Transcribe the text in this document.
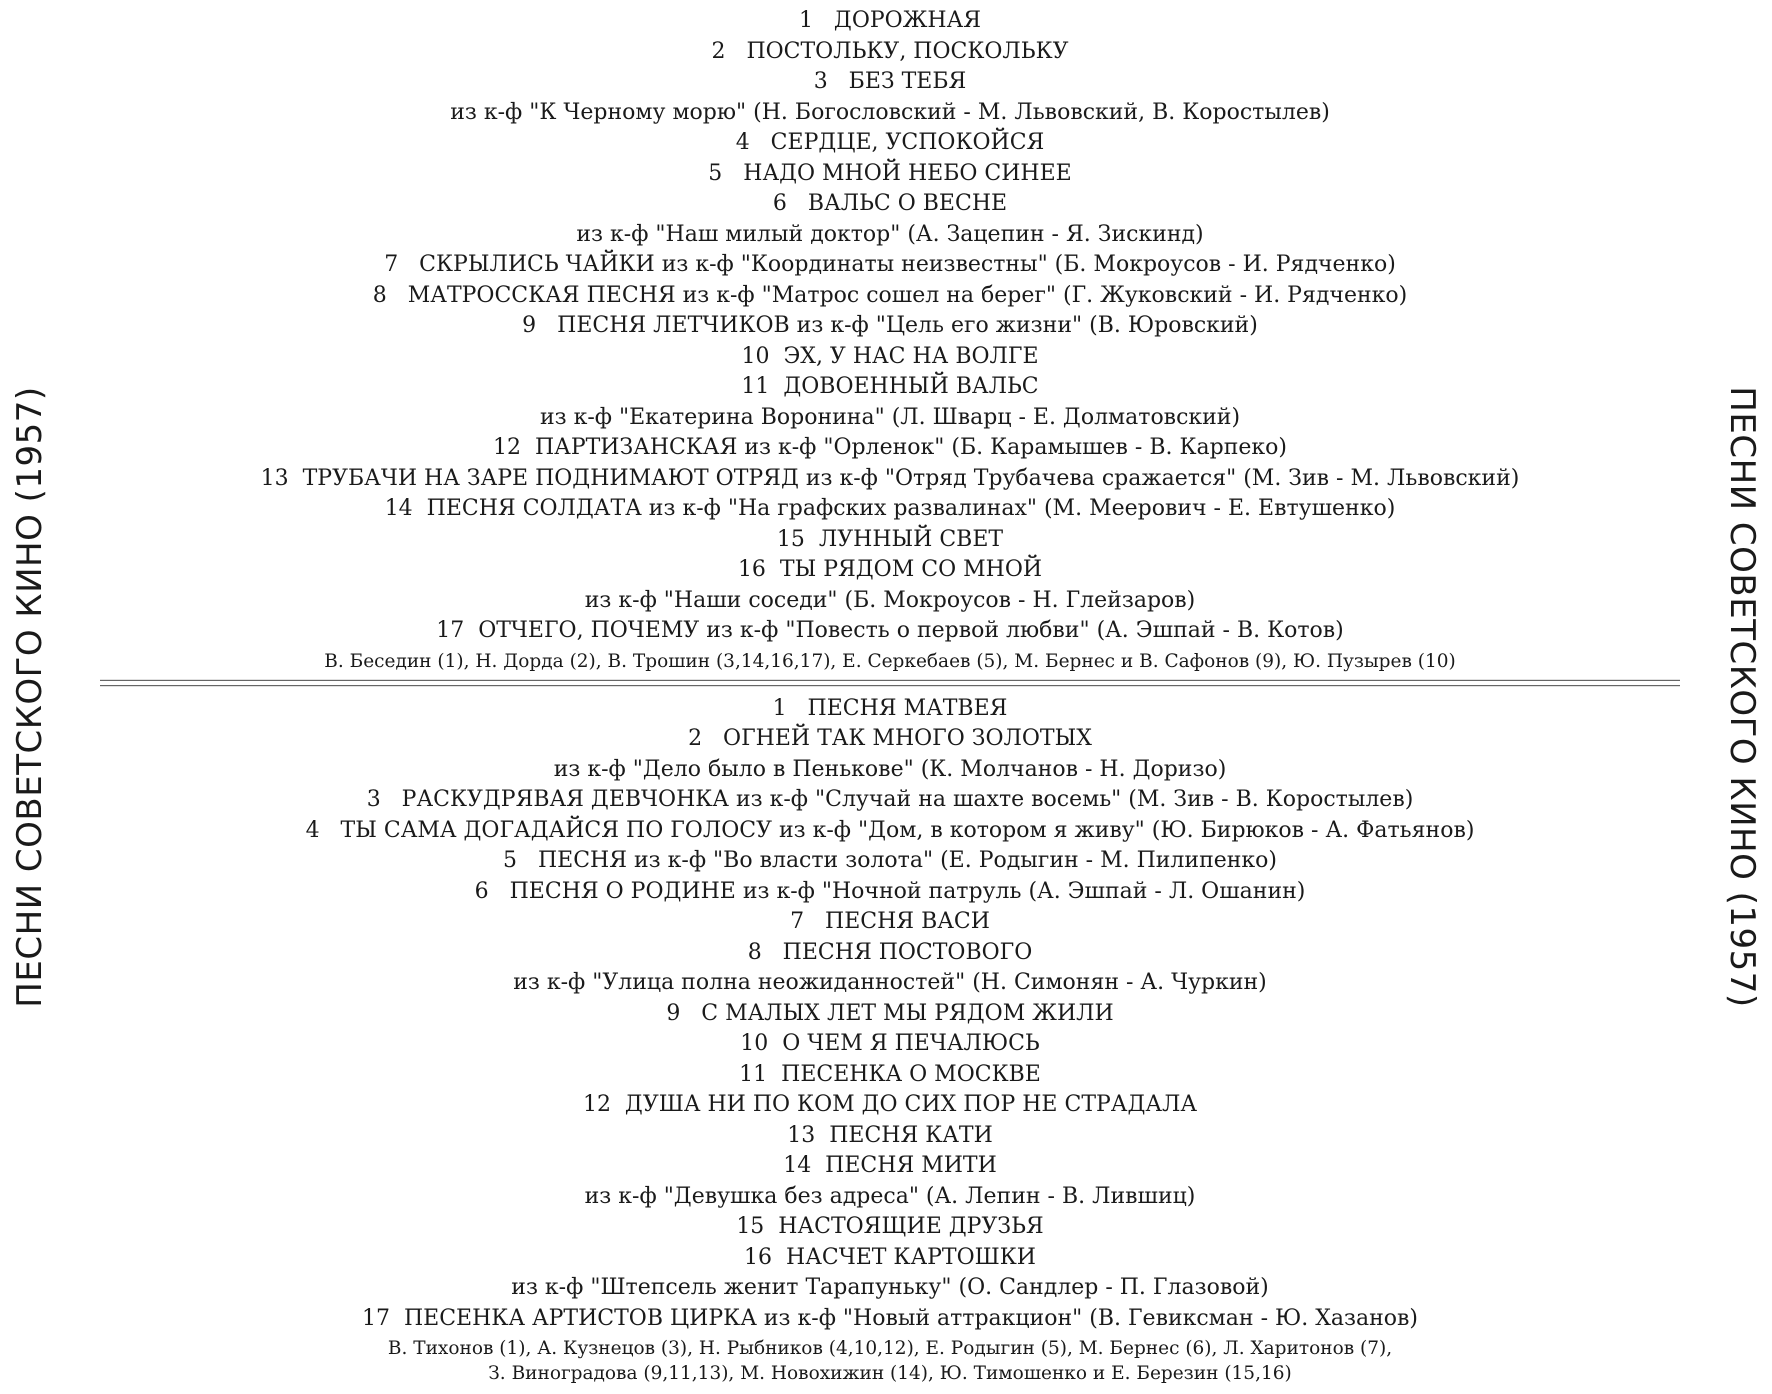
ПЕСНИ СОВЕТСКОГО КИНО (1957)	ПЕСНИ СОВЕТСКОГО КИНО (1957)
1   ДОРОЖНАЯ
2   ПОСТОЛЬКУ, ПОСКОЛЬКУ
3   БЕЗ ТЕБЯ
из к-ф "К Черному морю" (Н. Богословский - М. Львовский, В. Коростылев)
4   СЕРДЦЕ, УСПОКОЙСЯ
5   НАДО МНОЙ НЕБО СИНЕЕ
6   ВАЛЬС О ВЕСНЕ
из к-ф "Наш милый доктор" (А. Зацепин - Я. Зискинд)
7   СКРЫЛИСЬ ЧАЙКИ из к-ф "Координаты неизвестны" (Б. Мокроусов - И. Рядченко)
8   МАТРОССКАЯ ПЕСНЯ из к-ф "Матрос сошел на берег" (Г. Жуковский - И. Рядченко)
9   ПЕСНЯ ЛЕТЧИКОВ из к-ф "Цель его жизни" (В. Юровский)
10  ЭХ, У НАС НА ВОЛГЕ
11  ДОВОЕННЫЙ ВАЛЬС
из к-ф "Екатерина Воронина" (Л. Шварц - Е. Долматовский)
12  ПАРТИЗАНСКАЯ из к-ф "Орленок" (Б. Карамышев - В. Карпеко)
13  ТРУБАЧИ НА ЗАРЕ ПОДНИМАЮТ ОТРЯД из к-ф "Отряд Трубачева сражается" (М. Зив - М. Львовский)
14  ПЕСНЯ СОЛДАТА из к-ф "На графских развалинах" (М. Меерович - Е. Евтушенко)
15  ЛУННЫЙ СВЕТ
16  ТЫ РЯДОМ СО МНОЙ
из к-ф "Наши соседи" (Б. Мокроусов - Н. Глейзаров)
17  ОТЧЕГО, ПОЧЕМУ из к-ф "Повесть о первой любви" (А. Эшпай - В. Котов)
В. Беседин (1), Н. Дорда (2), В. Трошин (3,14,16,17), Е. Серкебаев (5), М. Бернес и В. Сафонов (9), Ю. Пузырев (10)
1   ПЕСНЯ МАТВЕЯ
2   ОГНЕЙ ТАК МНОГО ЗОЛОТЫХ
из к-ф "Дело было в Пенькове" (К. Молчанов - Н. Доризо)
3   РАСКУДРЯВАЯ ДЕВЧОНКА из к-ф "Случай на шахте восемь" (М. Зив - В. Коростылев)
4   ТЫ САМА ДОГАДАЙСЯ ПО ГОЛОСУ из к-ф "Дом, в котором я живу" (Ю. Бирюков - А. Фатьянов)
5   ПЕСНЯ из к-ф "Во власти золота" (Е. Родыгин - М. Пилипенко)
6   ПЕСНЯ О РОДИНЕ из к-ф "Ночной патруль (А. Эшпай - Л. Ошанин)
7   ПЕСНЯ ВАСИ
8   ПЕСНЯ ПОСТОВОГО
из к-ф "Улица полна неожиданностей" (Н. Симонян - А. Чуркин)
9   С МАЛЫХ ЛЕТ МЫ РЯДОМ ЖИЛИ
10  О ЧЕМ Я ПЕЧАЛЮСЬ
11  ПЕСЕНКА О МОСКВЕ
12  ДУША НИ ПО КОМ ДО СИХ ПОР НЕ СТРАДАЛА
13  ПЕСНЯ КАТИ
14  ПЕСНЯ МИТИ
из к-ф "Девушка без адреса" (А. Лепин - В. Лившиц)
15  НАСТОЯЩИЕ ДРУЗЬЯ
16  НАСЧЕТ КАРТОШКИ
из к-ф "Штепсель женит Тарапуньку" (О. Сандлер - П. Глазовой)
17  ПЕСЕНКА АРТИСТОВ ЦИРКА из к-ф "Новый аттракцион" (В. Гевиксман - Ю. Хазанов)
В. Тихонов (1), А. Кузнецов (3), Н. Рыбников (4,10,12), Е. Родыгин (5), М. Бернес (6), Л. Харитонов (7),
З. Виноградова (9,11,13), М. Новохижин (14), Ю. Тимошенко и Е. Березин (15,16)
